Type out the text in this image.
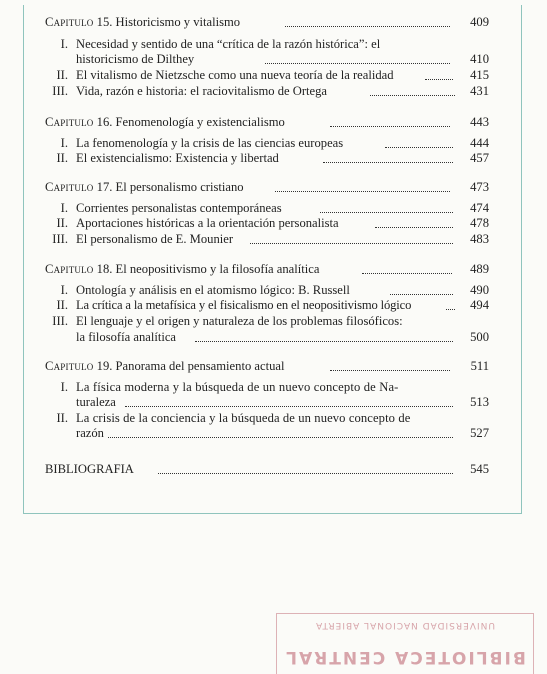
Capitulo 15. Historicismo y vitalismo	409
I. Necesidad y sentido de una “crítica de la razón histórica”: el
historicismo de Dilthey	410
II. El vitalismo de Nietzsche como una nueva teoría de la realidad	415
III. Vida, razón e historia: el raciovitalismo de Ortega	431
Capitulo 16. Fenomenología y existencialismo	443
I. La fenomenología y la crisis de las ciencias europeas	444
II. El existencialismo: Existencia y libertad	457
Capitulo 17. El personalismo cristiano	473
I. Corrientes personalistas contemporáneas	474
II. Aportaciones históricas a la orientación personalista	478
III. El personalismo de E. Mounier	483
Capitulo 18. El neopositivismo y la filosofía analítica	489
I. Ontología y análisis en el atomismo lógico: B. Russell	490
II. La crítica a la metafísica y el fisicalismo en el neopositivismo lógico	494
III. El lenguaje y el origen y naturaleza de los problemas filosóficos:
la filosofía analítica	500
Capitulo 19. Panorama del pensamiento actual	511
I. La física moderna y la búsqueda de un nuevo concepto de Na-
turaleza	513
II. La crisis de la conciencia y la búsqueda de un nuevo concepto de
razón	527
BIBLIOGRAFIA	545
UNIVERSIDAD NACIONAL ABIERTA
BIBLIOTECA CENTRAL
